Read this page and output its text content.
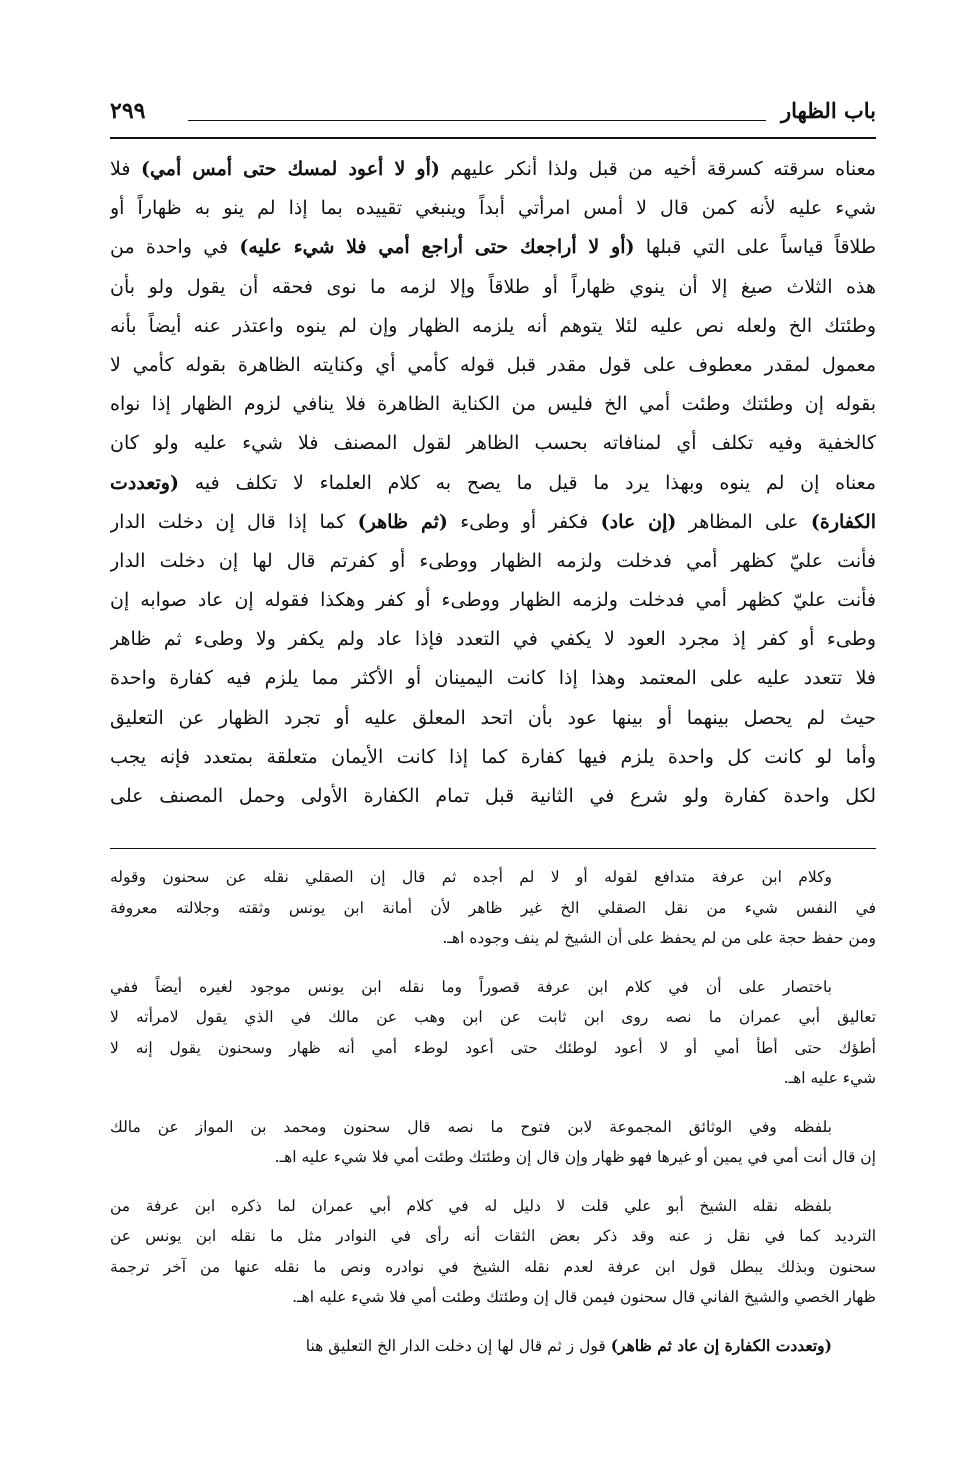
باب الظهار
٢٩٩
معناه سرقته كسرقة أخيه من قبل ولذا أنكر عليهم (أو لا أعود لمسك حتى أمس أمي) فلا
شيء عليه لأنه كمن قال لا أمس امرأتي أبداً وينبغي تقييده بما إذا لم ينو به ظهاراً أو
طلاقاً قياساً على التي قبلها (أو لا أراجعك حتى أراجع أمي فلا شيء عليه) في واحدة من
هذه الثلاث صيغ إلا أن ينوي ظهاراً أو طلاقاً وإلا لزمه ما نوى فحقه أن يقول ولو بأن
وطئتك الخ ولعله نص عليه لئلا يتوهم أنه يلزمه الظهار وإن لم ينوه واعتذر عنه أيضاً بأنه
معمول لمقدر معطوف على قول مقدر قبل قوله كأمي أي وكنايته الظاهرة بقوله كأمي لا
بقوله إن وطئتك وطئت أمي الخ فليس من الكناية الظاهرة فلا ينافي لزوم الظهار إذا نواه
كالخفية وفيه تكلف أي لمنافاته بحسب الظاهر لقول المصنف فلا شيء عليه ولو كان
معناه إن لم ينوه وبهذا يرد ما قيل ما يصح به كلام العلماء لا تكلف فيه (وتعددت
الكفارة) على المظاهر (إن عاد) فكفر أو وطىء (ثم ظاهر) كما إذا قال إن دخلت الدار
فأنت عليّ كظهر أمي فدخلت ولزمه الظهار ووطىء أو كفرتم قال لها إن دخلت الدار
فأنت عليّ كظهر أمي فدخلت ولزمه الظهار ووطىء أو كفر وهكذا فقوله إن عاد صوابه إن
وطىء أو كفر إذ مجرد العود لا يكفي في التعدد فإذا عاد ولم يكفر ولا وطىء ثم ظاهر
فلا تتعدد عليه على المعتمد وهذا إذا كانت اليمينان أو الأكثر مما يلزم فيه كفارة واحدة
حيث لم يحصل بينهما أو بينها عود بأن اتحد المعلق عليه أو تجرد الظهار عن التعليق
وأما لو كانت كل واحدة يلزم فيها كفارة كما إذا كانت الأيمان متعلقة بمتعدد فإنه يجب
لكل واحدة كفارة ولو شرع في الثانية قبل تمام الكفارة الأولى وحمل المصنف على
وكلام ابن عرفة متدافع لقوله أو لا لم أجده ثم قال إن الصقلي نقله عن سحنون وقوله
في النفس شيء من نقل الصقلي الخ غير ظاهر لأن أمانة ابن يونس وثقته وجلالته معروفة
ومن حفظ حجة على من لم يحفظ على أن الشيخ لم ينف وجوده اهـ.
باختصار على أن في كلام ابن عرفة قصوراً وما نقله ابن يونس موجود لغيره أيضاً ففي
تعاليق أبي عمران ما نصه روى ابن ثابت عن ابن وهب عن مالك في الذي يقول لامرأته لا
أطؤك حتى أطأ أمي أو لا أعود لوطئك حتى أعود لوطء أمي أنه ظهار وسحنون يقول إنه لا
شيء عليه اهـ.
بلفظه وفي الوثائق المجموعة لابن فتوح ما نصه قال سحنون ومحمد بن المواز عن مالك
إن قال أنت أمي في يمين أو غيرها فهو ظهار وإن قال إن وطئتك وطئت أمي فلا شيء عليه اهـ.
بلفظه نقله الشيخ أبو علي قلت لا دليل له في كلام أبي عمران لما ذكره ابن عرفة من
الترديد كما في نقل ز عنه وقد ذكر بعض الثقات أنه رأى في النوادر مثل ما نقله ابن يونس عن
سحنون وبذلك يبطل قول ابن عرفة لعدم نقله الشيخ في نوادره ونص ما نقله عنها من آخر ترجمة
ظهار الخصي والشيخ الفاني قال سحنون فيمن قال إن وطئتك وطئت أمي فلا شيء عليه اهـ.
(وتعددت الكفارة إن عاد ثم ظاهر) قول ز ثم قال لها إن دخلت الدار الخ التعليق هنا
